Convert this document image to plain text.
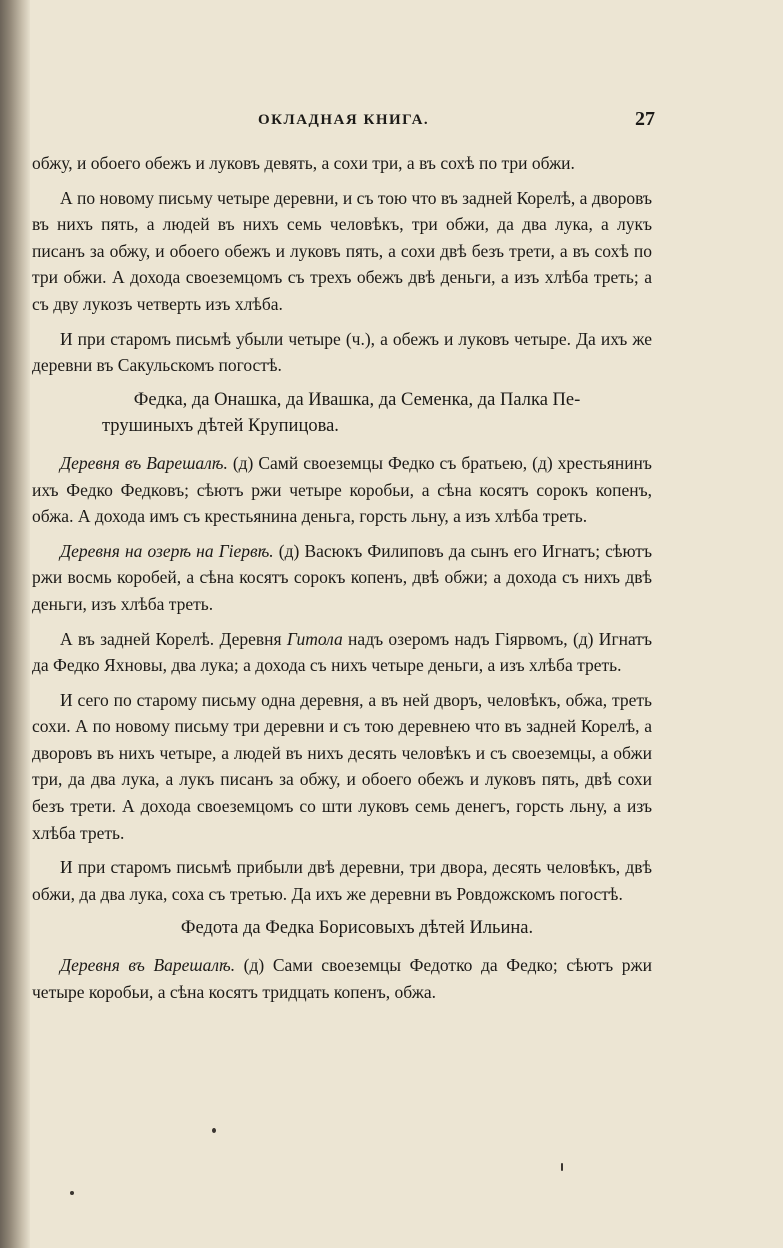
ОКЛАДНАЯ КНИГА.	27

обжу, и обоего обежъ и луковъ девять, а сохи три, а въ сохѣ по три обжи.

А по новому письму четыре деревни, и съ тою что въ задней Корелѣ, а дворовъ въ нихъ пять, а людей въ нихъ семь человѣкъ, три обжи, да два лука, а лукъ писанъ за обжу, и обоего обежъ и луковъ пять, а сохи двѣ безъ трети, а въ сохѣ по три обжи. А дохода своеземцомъ съ трехъ обежъ двѣ деньги, а изъ хлѣба треть; а съ дву лукозъ четверть изъ хлѣба.

И при старомъ письмѣ убыли четыре (ч.), а обежъ и луковъ четыре. Да ихъ же деревни въ Сакульскомъ погостѣ.

Федка, да Онашка, да Ивашка, да Семенка, да Палка Пе-
трушиныхъ дѣтей Крупицова.

Деревня въ Варешалѣ. (д) Самй своеземцы Федко съ братьею, (д) хрестьянинъ ихъ Федко Федковъ; сѣютъ ржи четыре коробьи, а сѣна косятъ сорокъ копенъ, обжа. А дохода имъ съ крестьянина деньга, горсть льну, а изъ хлѣба треть.

Деревня на озерѣ на Гіервѣ. (д) Васюкъ Филиповъ да сынъ его Игнатъ; сѣютъ ржи восмь коробей, а сѣна косятъ сорокъ копенъ, двѣ обжи; а дохода съ нихъ двѣ деньги, изъ хлѣба треть.

А въ задней Корелѣ. Деревня Гитола надъ озеромъ надъ Гіярвомъ, (д) Игнатъ да Федко Яхновы, два лука; а дохода съ нихъ четыре деньги, а изъ хлѣба треть.

И сего по старому письму одна деревня, а въ ней дворъ, человѣкъ, обжа, треть сохи. А по новому письму три деревни и съ тою деревнею что въ задней Корелѣ, а дворовъ въ нихъ четыре, а людей въ нихъ десять человѣкъ и съ своеземцы, а обжи три, да два лука, а лукъ писанъ за обжу, и обоего обежъ и луковъ пять, двѣ сохи безъ трети. А дохода своеземцомъ со шти луковъ семь денегъ, горсть льну, а изъ хлѣба треть.

И при старомъ письмѣ прибыли двѣ деревни, три двора, десять человѣкъ, двѣ обжи, да два лука, соха съ третью. Да ихъ же деревни въ Ровдожскомъ погостѣ.

Федота да Федка Борисовыхъ дѣтей Ильина.

Деревня въ Варешалѣ. (д) Сами своеземцы Федотко да Федко; сѣютъ ржи четыре коробьи, а сѣна косятъ тридцать копенъ, обжа.
